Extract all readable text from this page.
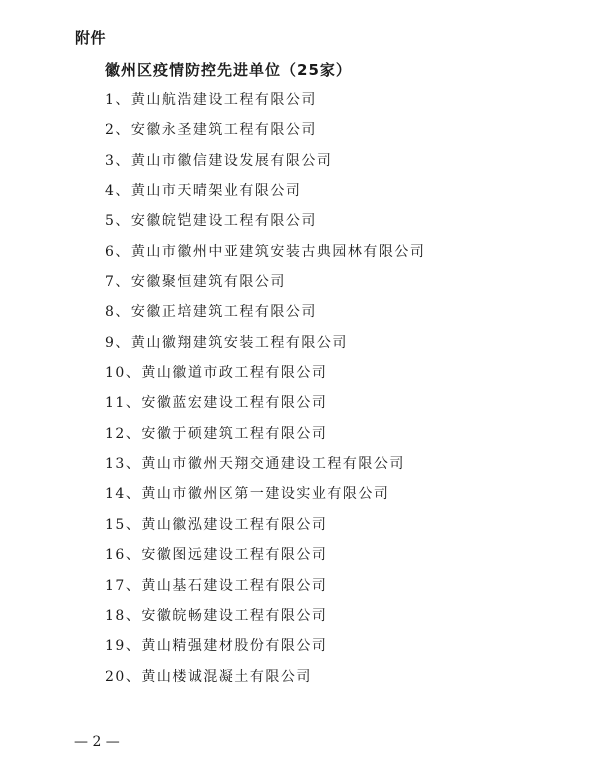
附件
徽州区疫情防控先进单位（25家）
1、黄山航浩建设工程有限公司
2、安徽永圣建筑工程有限公司
3、黄山市徽信建设发展有限公司
4、黄山市天晴架业有限公司
5、安徽皖铠建设工程有限公司
6、黄山市徽州中亚建筑安装古典园林有限公司
7、安徽聚恒建筑有限公司
8、安徽正培建筑工程有限公司
9、黄山徽翔建筑安装工程有限公司
10、黄山徽道市政工程有限公司
11、安徽蓝宏建设工程有限公司
12、安徽于硕建筑工程有限公司
13、黄山市徽州天翔交通建设工程有限公司
14、黄山市徽州区第一建设实业有限公司
15、黄山徽泓建设工程有限公司
16、安徽图远建设工程有限公司
17、黄山基石建设工程有限公司
18、安徽皖畅建设工程有限公司
19、黄山精强建材股份有限公司
20、黄山楼诚混凝土有限公司
— 2 —
